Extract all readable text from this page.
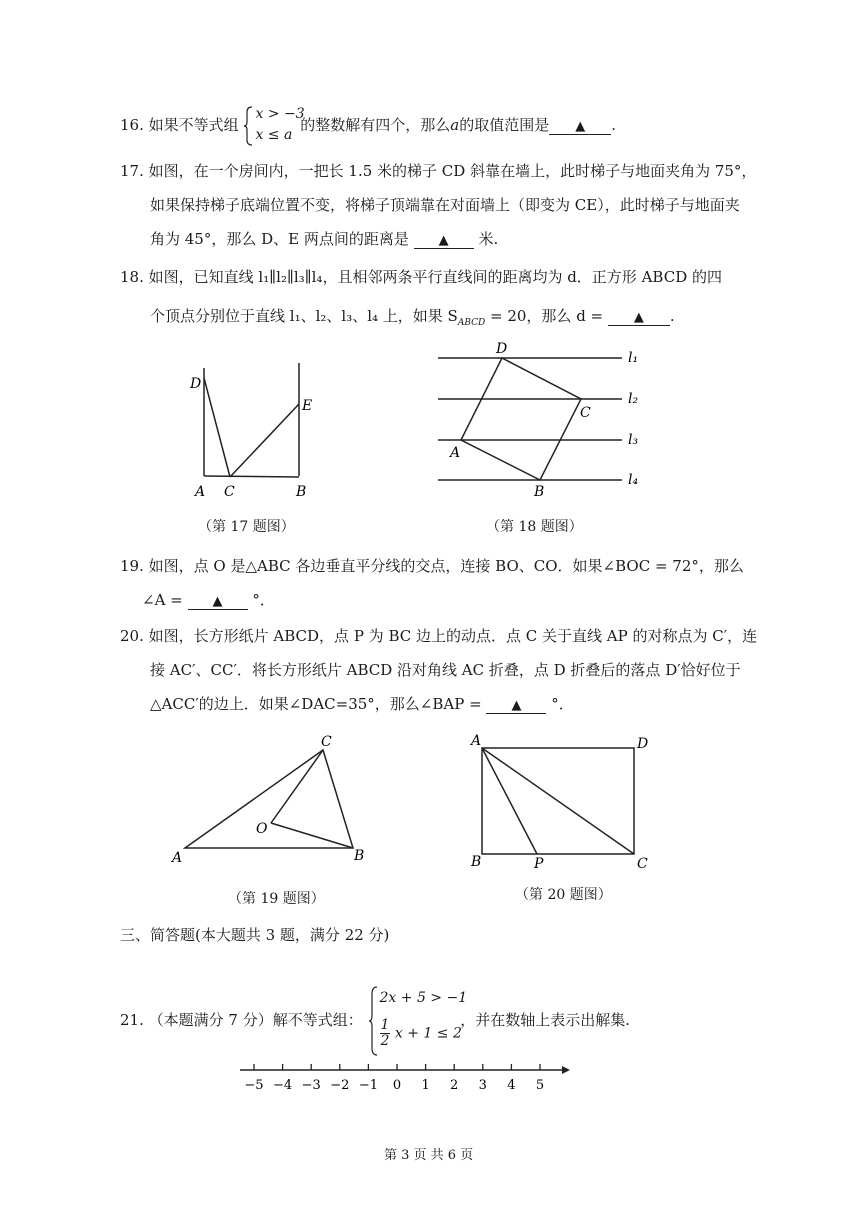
16. 如果不等式组
x > −3
x ≤ a
的整数解有四个，那么a的取值范围是 ▲ .
17. 如图，在一个房间内，一把长 1.5 米的梯子 CD 斜靠在墙上，此时梯子与地面夹角为 75°，
如果保持梯子底端位置不变，将梯子顶端靠在对面墙上（即变为 CE），此时梯子与地面夹
角为 45°，那么 D、E 两点间的距离是 ▲ 米.
18. 如图，已知直线 l₁∥l₂∥l₃∥l₄，且相邻两条平行直线间的距离均为 d．正方形 ABCD 的四
个顶点分别位于直线 l₁、l₂、l₃、l₄ 上，如果 $S_{ABCD} = 20$，那么 d = ▲ .
D
E
A C	B
（第 17 题图）
D
C
A
B
l₁
l₂
l₃
l₄
（第 18 题图）
19. 如图，点 O 是△ABC 各边垂直平分线的交点，连接 BO、CO．如果∠BOC = 72°，那么
∠A = ▲ °．
20. 如图，长方形纸片 ABCD，点 P 为 BC 边上的动点．点 C 关于直线 AP 的对称点为 C′，连
接 AC′、CC′．将长方形纸片 ABCD 沿对角线 AC 折叠，点 D 折叠后的落点 D′恰好位于
△ACC′的边上．如果∠DAC=35°，那么∠BAP = ▲ °．
C
O
A	B
（第 19 题图）
A	D
B	P	C
（第 20 题图）
三、简答题(本大题共 3 题，满分 22 分)
21. （本题满分 7 分）解不等式组：
2x + 5 > −1
$\frac{1}{2}$ x + 1 ≤ 2
，并在数轴上表示出解集.
−5 −4 −3 −2 −1 0 1 2 3 4 5
第 3 页 共 6 页
